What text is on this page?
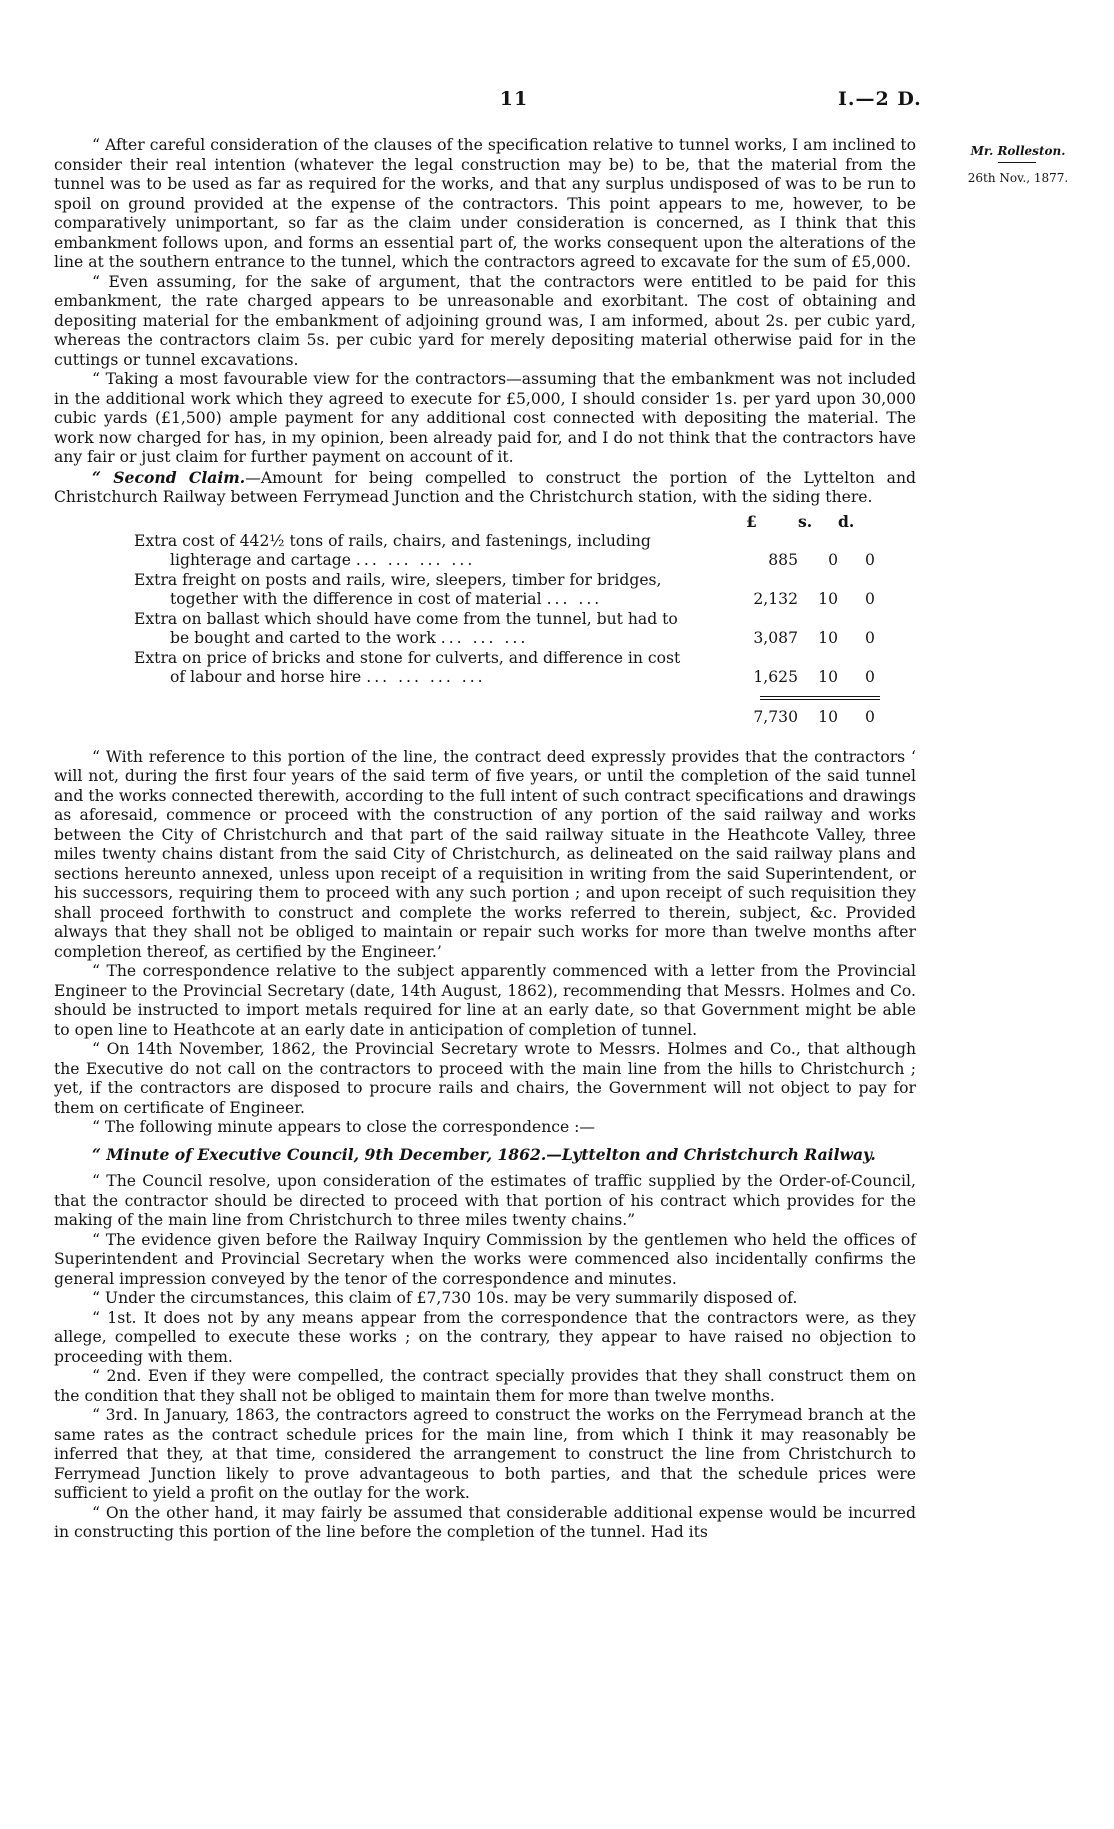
11	I.—2 D.
Mr. Rolleston.
26th Nov., 1877.

“ After careful consideration of the clauses of the specification relative to tunnel works, I am inclined to consider their real intention (whatever the legal construction may be) to be, that the material from the tunnel was to be used as far as required for the works, and that any surplus undisposed of was to be run to spoil on ground provided at the expense of the contractors. This point appears to me, however, to be comparatively unimportant, so far as the claim under consideration is concerned, as I think that this embankment follows upon, and forms an essential part of, the works consequent upon the alterations of the line at the southern entrance to the tunnel, which the contractors agreed to excavate for the sum of £5,000.

“ Even assuming, for the sake of argument, that the contractors were entitled to be paid for this embankment, the rate charged appears to be unreasonable and exorbitant. The cost of obtaining and depositing material for the embankment of adjoining ground was, I am informed, about 2s. per cubic yard, whereas the contractors claim 5s. per cubic yard for merely depositing material otherwise paid for in the cuttings or tunnel excavations.

“ Taking a most favourable view for the contractors—assuming that the embankment was not included in the additional work which they agreed to execute for £5,000, I should consider 1s. per yard upon 30,000 cubic yards (£1,500) ample payment for any additional cost connected with depositing the material. The work now charged for has, in my opinion, been already paid for, and I do not think that the contractors have any fair or just claim for further payment on account of it.

“ Second Claim.—Amount for being compelled to construct the portion of the Lyttelton and Christchurch Railway between Ferrymead Junction and the Christchurch station, with the siding there.

£	s. d.
Extra cost of 442½ tons of rails, chairs, and fastenings, including
lighterage and cartage ... ... ... ...	885	0	0
Extra freight on posts and rails, wire, sleepers, timber for bridges,
together with the difference in cost of material ... ...	2,132	10	0
Extra on ballast which should have come from the tunnel, but had to
be bought and carted to the work ... ... ...	3,087	10	0
Extra on price of bricks and stone for culverts, and difference in cost
of labour and horse hire ... ... ... ...	1,625	10	0
7,730	10	0

“ With reference to this portion of the line, the contract deed expressly provides that the contractors ‘ will not, during the first four years of the said term of five years, or until the completion of the said tunnel and the works connected therewith, according to the full intent of such contract specifications and drawings as aforesaid, commence or proceed with the construction of any portion of the said railway and works between the City of Christchurch and that part of the said railway situate in the Heathcote Valley, three miles twenty chains distant from the said City of Christchurch, as delineated on the said railway plans and sections hereunto annexed, unless upon receipt of a requisition in writing from the said Superintendent, or his successors, requiring them to proceed with any such portion ; and upon receipt of such requisition they shall proceed forthwith to construct and complete the works referred to therein, subject, &c. Provided always that they shall not be obliged to maintain or repair such works for more than twelve months after completion thereof, as certified by the Engineer.’

“ The correspondence relative to the subject apparently commenced with a letter from the Provincial Engineer to the Provincial Secretary (date, 14th August, 1862), recommending that Messrs. Holmes and Co. should be instructed to import metals required for line at an early date, so that Government might be able to open line to Heathcote at an early date in anticipation of completion of tunnel.

“ On 14th November, 1862, the Provincial Secretary wrote to Messrs. Holmes and Co., that although the Executive do not call on the contractors to proceed with the main line from the hills to Christchurch ; yet, if the contractors are disposed to procure rails and chairs, the Government will not object to pay for them on certificate of Engineer.

“ The following minute appears to close the correspondence :—

“ Minute of Executive Council, 9th December, 1862.—Lyttelton and Christchurch Railway.

“ The Council resolve, upon consideration of the estimates of traffic supplied by the Order-of-Council, that the contractor should be directed to proceed with that portion of his contract which provides for the making of the main line from Christchurch to three miles twenty chains.”

“ The evidence given before the Railway Inquiry Commission by the gentlemen who held the offices of Superintendent and Provincial Secretary when the works were commenced also incidentally confirms the general impression conveyed by the tenor of the correspondence and minutes.

“ Under the circumstances, this claim of £7,730 10s. may be very summarily disposed of.

“ 1st. It does not by any means appear from the correspondence that the contractors were, as they allege, compelled to execute these works ; on the contrary, they appear to have raised no objection to proceeding with them.

“ 2nd. Even if they were compelled, the contract specially provides that they shall construct them on the condition that they shall not be obliged to maintain them for more than twelve months.

“ 3rd. In January, 1863, the contractors agreed to construct the works on the Ferrymead branch at the same rates as the contract schedule prices for the main line, from which I think it may reasonably be inferred that they, at that time, considered the arrangement to construct the line from Christchurch to Ferrymead Junction likely to prove advantageous to both parties, and that the schedule prices were sufficient to yield a profit on the outlay for the work.

“ On the other hand, it may fairly be assumed that considerable additional expense would be incurred in constructing this portion of the line before the completion of the tunnel. Had its
